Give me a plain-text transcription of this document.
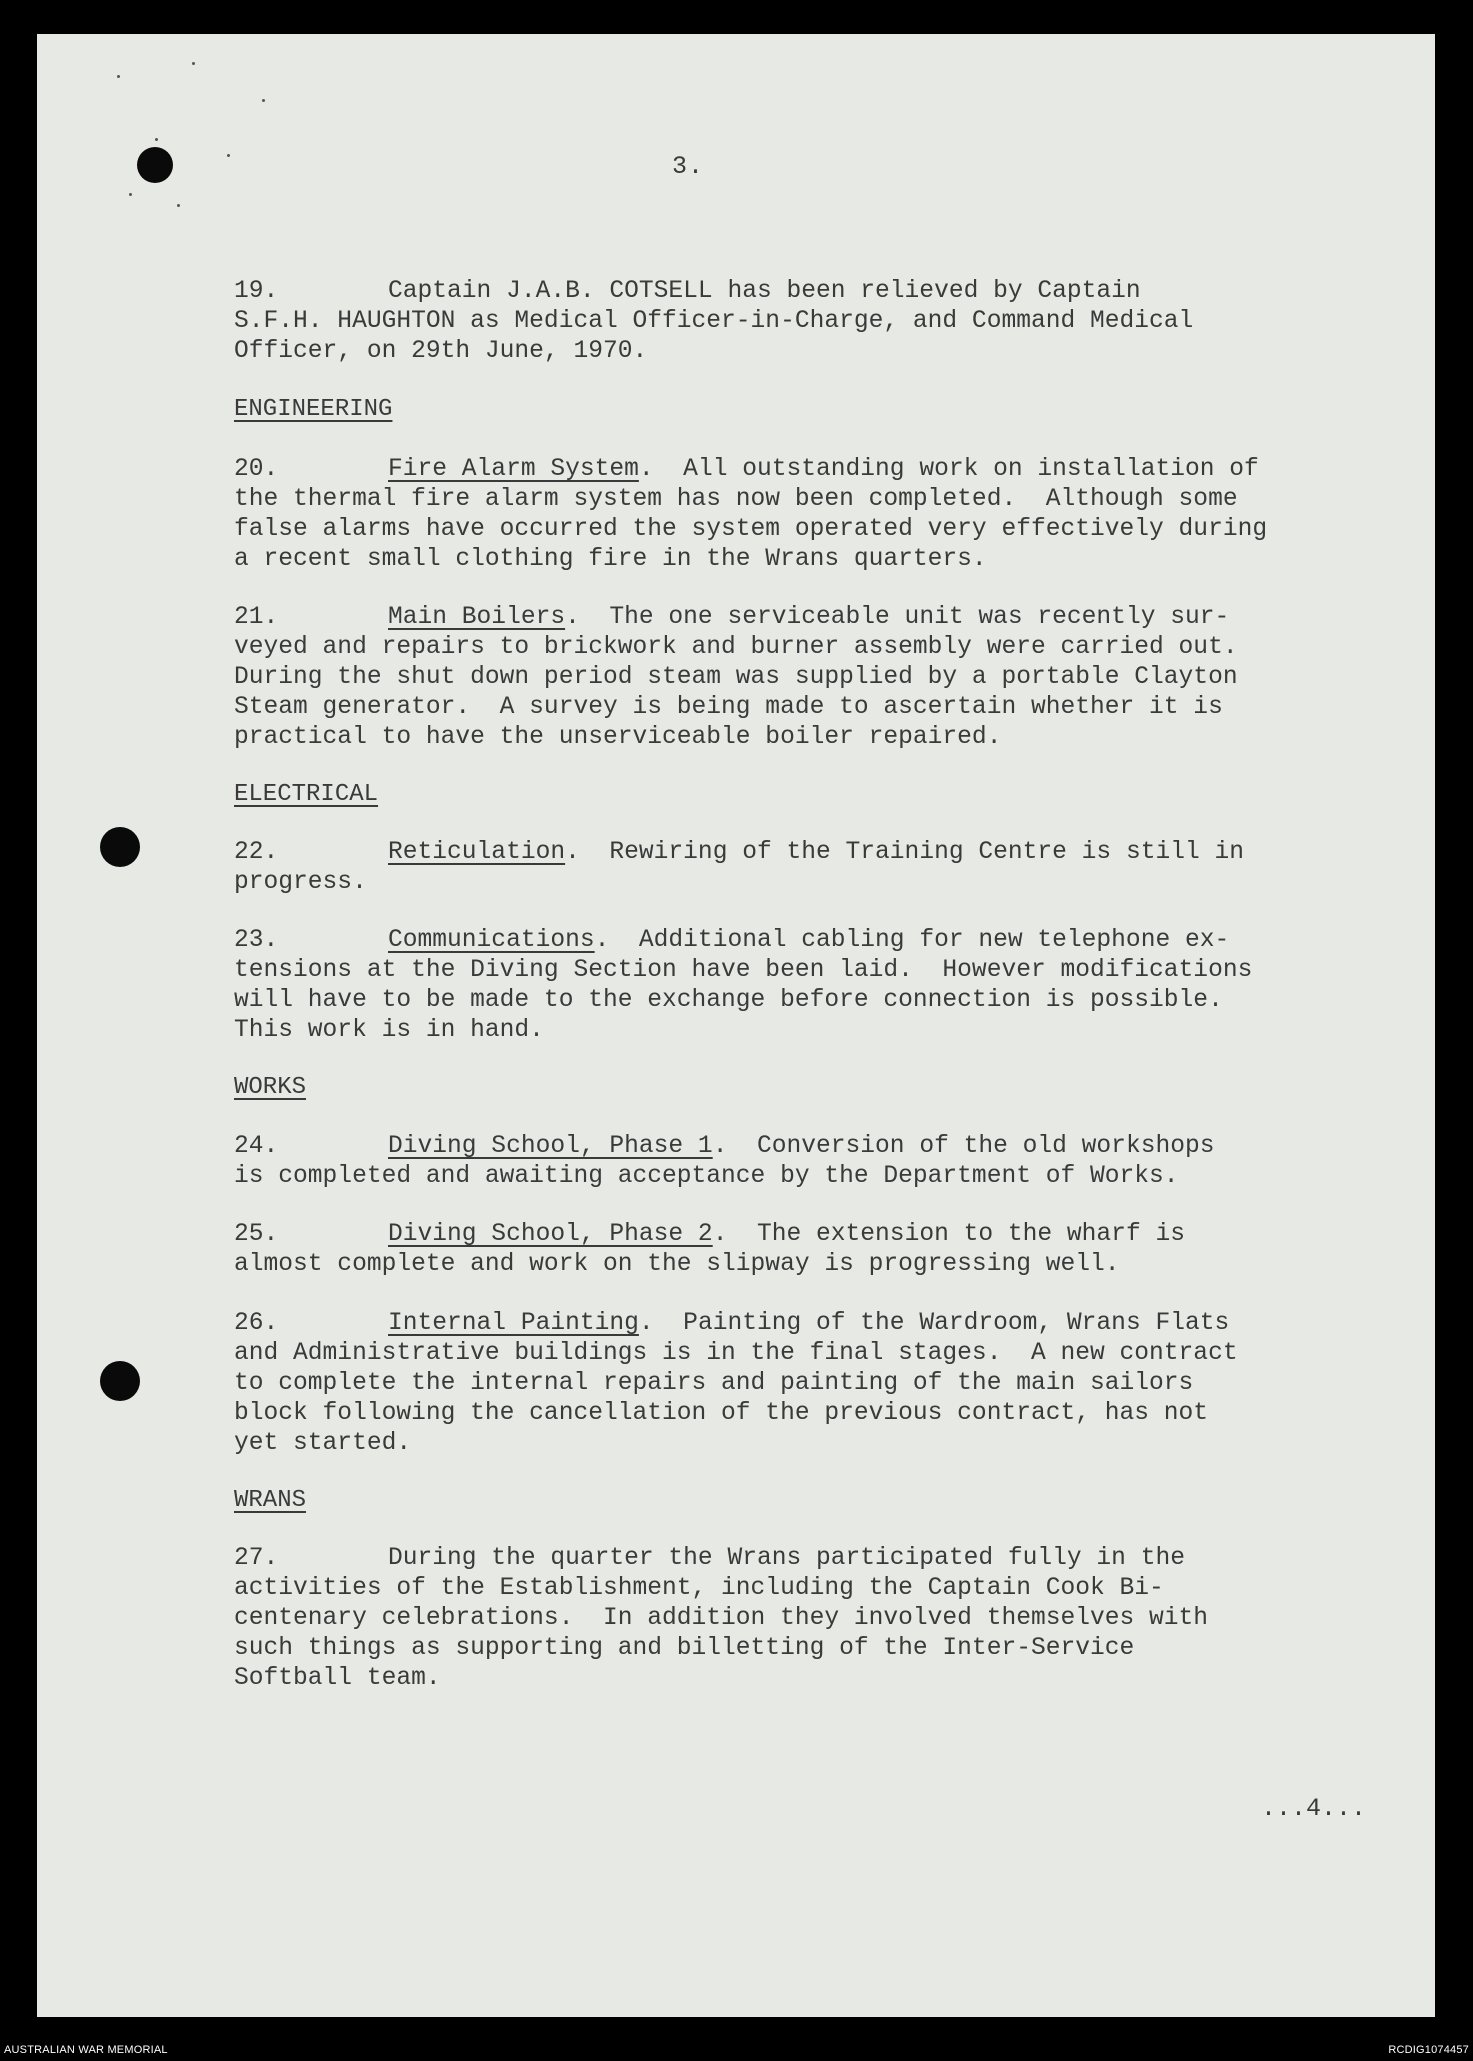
3.
19.	Captain J.A.B. COTSELL has been relieved by Captain
S.F.H. HAUGHTON as Medical Officer-in-Charge, and Command Medical
Officer, on 29th June, 1970.
ENGINEERING
20.	Fire Alarm System.  All outstanding work on installation of
the thermal fire alarm system has now been completed.  Although some
false alarms have occurred the system operated very effectively during
a recent small clothing fire in the Wrans quarters.
21.	Main Boilers.  The one serviceable unit was recently sur-
veyed and repairs to brickwork and burner assembly were carried out.
During the shut down period steam was supplied by a portable Clayton
Steam generator.  A survey is being made to ascertain whether it is
practical to have the unserviceable boiler repaired.
ELECTRICAL
22.	Reticulation.  Rewiring of the Training Centre is still in
progress.
23.	Communications.  Additional cabling for new telephone ex-
tensions at the Diving Section have been laid.  However modifications
will have to be made to the exchange before connection is possible.
This work is in hand.
WORKS
24.	Diving School, Phase 1.  Conversion of the old workshops
is completed and awaiting acceptance by the Department of Works.
25.	Diving School, Phase 2.  The extension to the wharf is
almost complete and work on the slipway is progressing well.
26.	Internal Painting.  Painting of the Wardroom, Wrans Flats
and Administrative buildings is in the final stages.  A new contract
to complete the internal repairs and painting of the main sailors
block following the cancellation of the previous contract, has not
yet started.
WRANS
27.	During the quarter the Wrans participated fully in the
activities of the Establishment, including the Captain Cook Bi-
centenary celebrations.  In addition they involved themselves with
such things as supporting and billetting of the Inter-Service
Softball team.
...4...
AUSTRALIAN WAR MEMORIAL	RCDIG1074457
